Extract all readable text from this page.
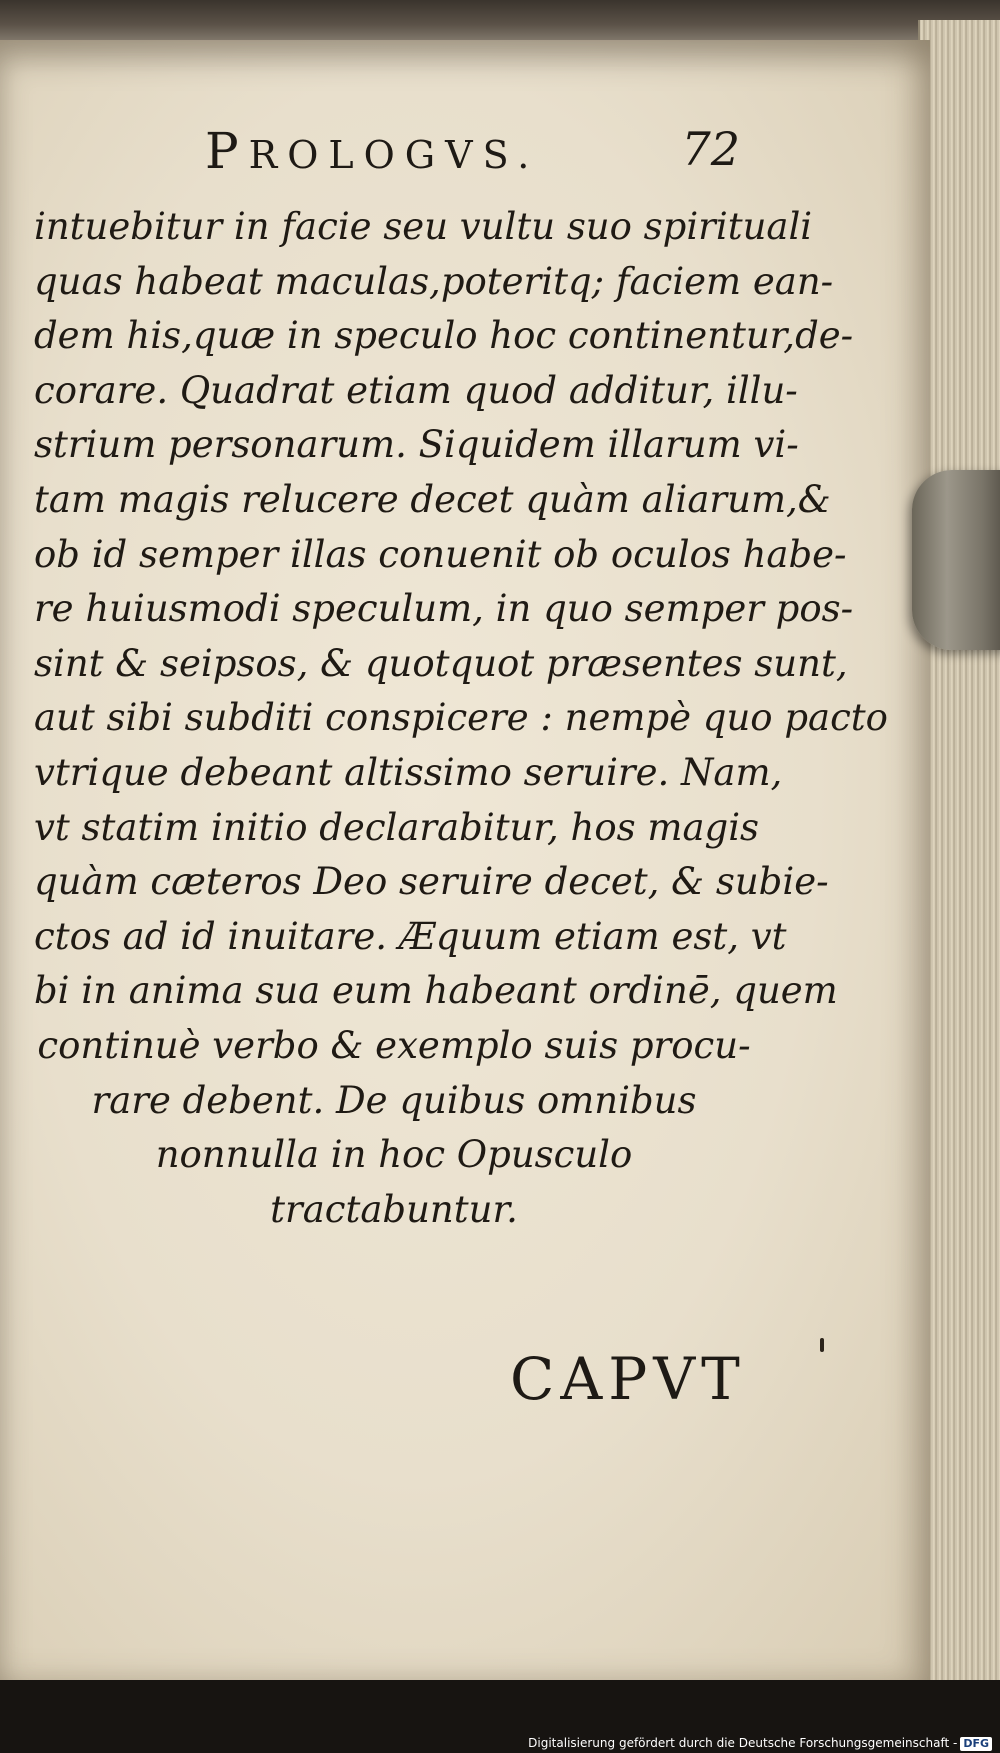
PROLOGVS.	72
intuebitur in facie seu vultu suo spirituali
quas habeat maculas,poteritq; faciem ean-
dem his,quæ in speculo hoc continentur,de-
corare. Quadrat etiam quod additur, illu-
strium personarum. Siquidem illarum vi-
tam magis relucere decet quàm aliarum,&
ob id semper illas conuenit ob oculos habe-
re huiusmodi speculum, in quo semper pos-
sint & seipsos, & quotquot præsentes sunt,
aut sibi subditi conspicere : nempè quo pacto
vtrique debeant altissimo seruire. Nam,
vt statim initio declarabitur, hos magis
quàm cæteros Deo seruire decet, & subie-
ctos ad id inuitare. Æquum etiam est, vt
bi in anima sua eum habeant ordinē, quem
continuè verbo & exemplo suis procu-
rare debent. De quibus omnibus
nonnulla in hoc Opusculo
tractabuntur.
CAPVT
Digitalisierung gefördert durch die Deutsche Forschungsgemeinschaft - DFG
